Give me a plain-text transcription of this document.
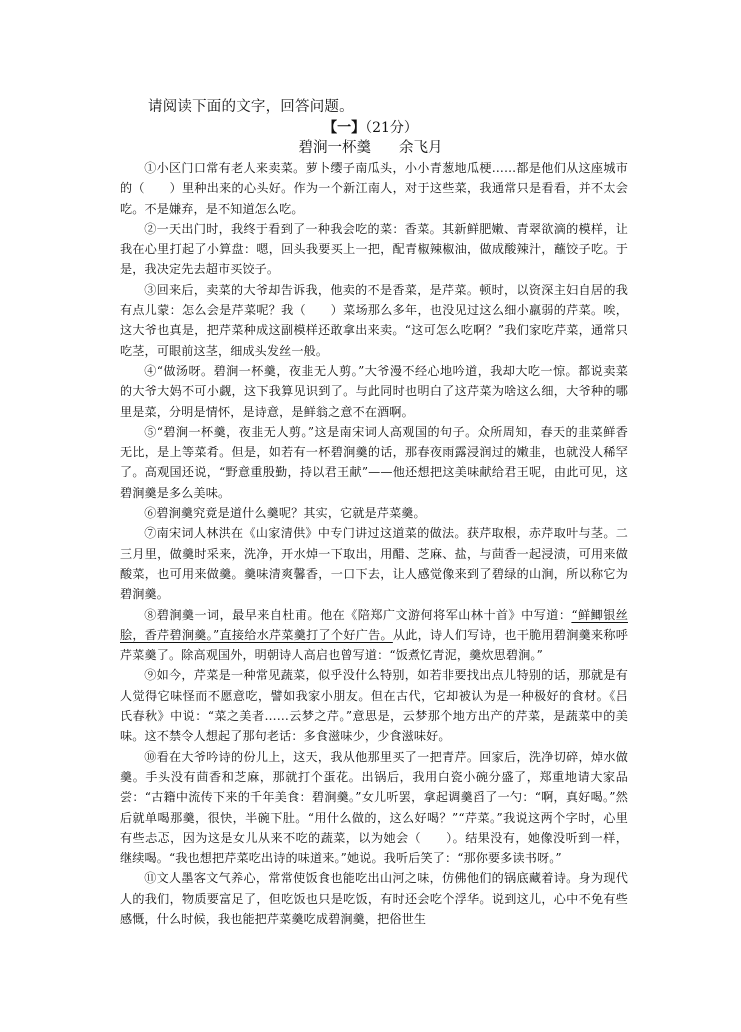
请阅读下面的文字，回答问题。
【一】（21分）
碧涧一杯羹 余飞月

①小区门口常有老人来卖菜。萝卜缨子南瓜头，小小青葱地瓜梗……都是他们从这座城市的（　　）里种出来的心头好。作为一个新江南人，对于这些菜，我通常只是看看，并不太会吃。不是嫌弃，是不知道怎么吃。

②一天出门时，我终于看到了一种我会吃的菜：香菜。其新鲜肥嫩、青翠欲滴的模样，让我在心里打起了小算盘：嗯，回头我要买上一把，配青椒辣椒油，做成酸辣汁，蘸饺子吃。于是，我决定先去超市买饺子。

③回来后，卖菜的大爷却告诉我，他卖的不是香菜，是芹菜。顿时，以资深主妇自居的我有点儿蒙：怎么会是芹菜呢？我（　　）菜场那么多年，也没见过这么细小羸弱的芹菜。唉，这大爷也真是，把芹菜种成这副模样还敢拿出来卖。“这可怎么吃啊？”我们家吃芹菜，通常只吃茎，可眼前这茎，细成头发丝一般。

④“做汤呀。碧涧一杯羹，夜韭无人剪。”大爷漫不经心地吟道，我却大吃一惊。都说卖菜的大爷大妈不可小觑，这下我算见识到了。与此同时也明白了这芹菜为啥这么细，大爷种的哪里是菜，分明是情怀，是诗意，是鲜翁之意不在酒啊。

⑤“碧涧一杯羹，夜韭无人剪。”这是南宋词人高观国的句子。众所周知，春天的韭菜鲜香无比，是上等菜肴。但是，如若有一杯碧涧羹的话，那春夜雨露浸润过的嫩韭，也就没人稀罕了。高观国还说，“野意重殷勤，持以君王献”——他还想把这美味献给君王呢，由此可见，这碧涧羹是多么美味。

⑥碧涧羹究竟是道什么羹呢？其实，它就是芹菜羹。

⑦南宋词人林洪在《山家清供》中专门讲过这道菜的做法。获芹取根，赤芹取叶与茎。二三月里，做羹时采来，洗净，开水焯一下取出，用醋、芝麻、盐，与茴香一起浸渍，可用来做酸菜，也可用来做羹。羹味清爽馨香，一口下去，让人感觉像来到了碧绿的山涧，所以称它为碧涧羹。

⑧碧涧羹一词，最早来自杜甫。他在《陪郑广文游何将军山林十首》中写道：“鲜鲫银丝脍，香芹碧涧羹。”直接给水芹菜羹打了个好广告。从此，诗人们写诗，也干脆用碧涧羹来称呼芹菜羹了。除高观国外，明朝诗人高启也曾写道：“饭煮忆青泥，羹炊思碧涧。”

⑨如今，芹菜是一种常见蔬菜，似乎没什么特别，如若非要找出点儿特别的话，那就是有人觉得它味怪而不愿意吃，譬如我家小朋友。但在古代，它却被认为是一种极好的食材。《吕氏春秋》中说：“菜之美者……云梦之芹。”意思是，云梦那个地方出产的芹菜，是蔬菜中的美味。这不禁令人想起了那句老话：多食滋味少，少食滋味好。

⑩看在大爷吟诗的份儿上，这天，我从他那里买了一把青芹。回家后，洗净切碎，焯水做羹。手头没有茴香和芝麻，那就打个蛋花。出锅后，我用白瓷小碗分盛了，郑重地请大家品尝：“古籍中流传下来的千年美食：碧涧羹。”女儿听罢，拿起调羹舀了一勺：“啊，真好喝。”然后就单喝那羹，很快，半碗下肚。“用什么做的，这么好喝？”“芹菜。”我说这两个字时，心里有些忐忑，因为这是女儿从来不吃的蔬菜，以为她会（　　）。结果没有，她像没听到一样，继续喝。“我也想把芹菜吃出诗的味道来。”她说。我听后笑了：“那你要多读书呀。”

⑪文人墨客文气养心，常常使饭食也能吃出山河之味，仿佛他们的锅底藏着诗。身为现代人的我们，物质要富足了，但吃饭也只是吃饭，有时还会吃个浮华。说到这儿，心中不免有些感慨，什么时候，我也能把芹菜羹吃成碧涧羹，把俗世生
